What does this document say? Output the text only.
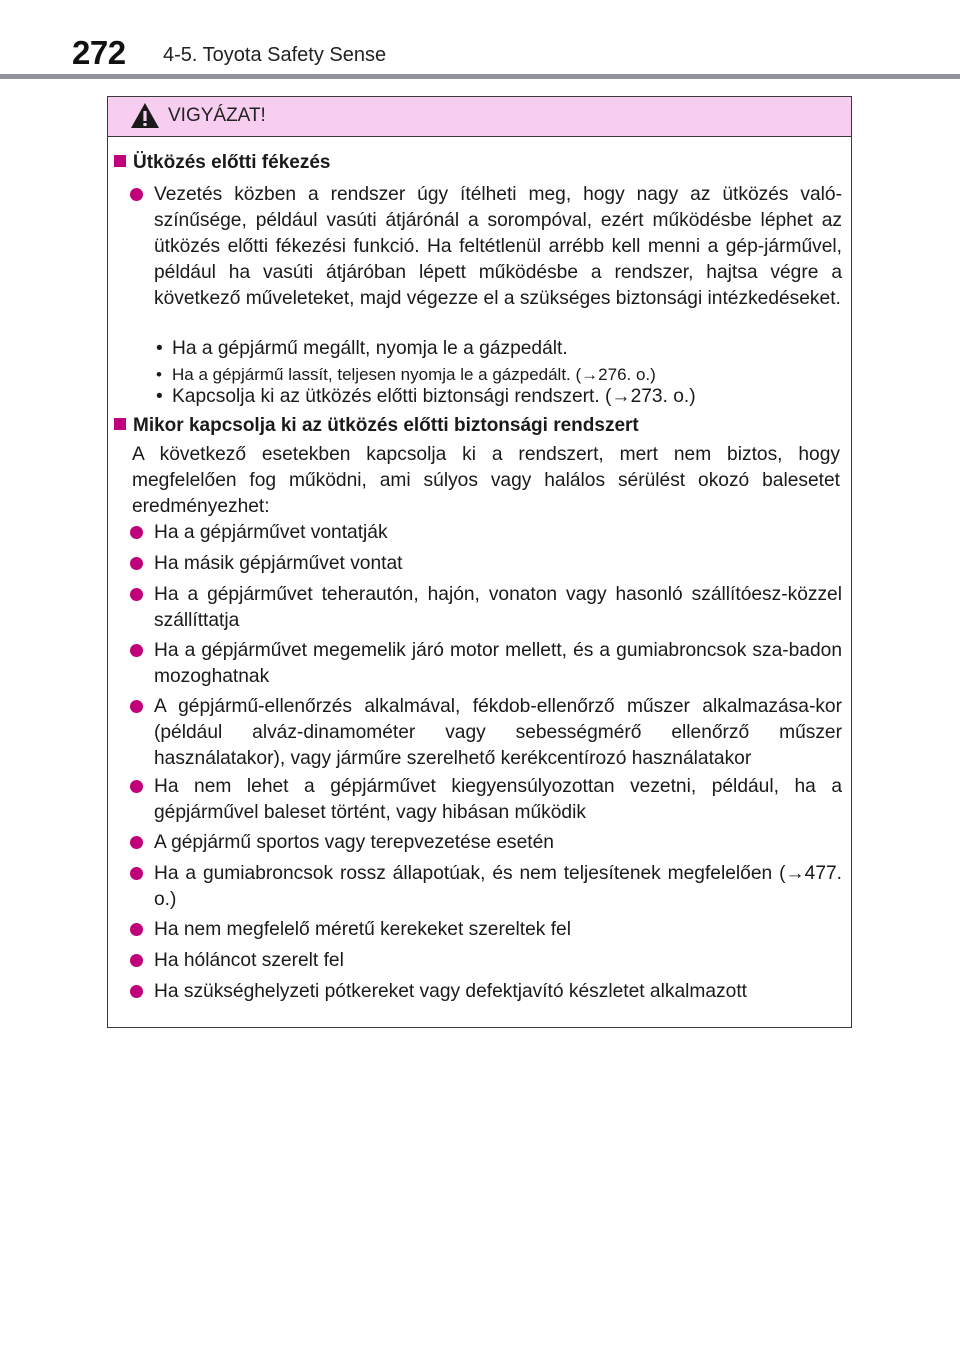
272 4-5. Toyota Safety Sense
VIGYÁZAT!
Ütközés előtti fékezés
Vezetés közben a rendszer úgy ítélheti meg, hogy nagy az ütközés való-színűsége, például vasúti átjárónál a sorompóval, ezért működésbe léphet az ütközés előtti fékezési funkció. Ha feltétlenül arrébb kell menni a gép-járművel, például ha vasúti átjáróban lépett működésbe a rendszer, hajtsa végre a következő műveleteket, majd végezze el a szükséges biztonsági intézkedéseket.
• Ha a gépjármű megállt, nyomja le a gázpedált.
• Ha a gépjármű lassít, teljesen nyomja le a gázpedált. (→276. o.)
• Kapcsolja ki az ütközés előtti biztonsági rendszert. (→273. o.)
Mikor kapcsolja ki az ütközés előtti biztonsági rendszert
A következő esetekben kapcsolja ki a rendszert, mert nem biztos, hogy megfelelően fog működni, ami súlyos vagy halálos sérülést okozó balesetet eredményezhet:
Ha a gépjárművet vontatják
Ha másik gépjárművet vontat
Ha a gépjárművet teherautón, hajón, vonaton vagy hasonló szállítóesz-közzel szállíttatja
Ha a gépjárművet megemelik járó motor mellett, és a gumiabroncsok sza-badon mozoghatnak
A gépjármű-ellenőrzés alkalmával, fékdob-ellenőrző műszer alkalmazása-kor (például alváz-dinamométer vagy sebességmérő ellenőrző műszer használatakor), vagy járműre szerelhető kerékcentírozó használatakor
Ha nem lehet a gépjárművet kiegyensúlyozottan vezetni, például, ha a gépjárművel baleset történt, vagy hibásan működik
A gépjármű sportos vagy terepvezetése esetén
Ha a gumiabroncsok rossz állapotúak, és nem teljesítenek megfelelően (→477. o.)
Ha nem megfelelő méretű kerekeket szereltek fel
Ha hóláncot szerelt fel
Ha szükséghelyzeti pótkereket vagy defektjavító készletet alkalmazott
